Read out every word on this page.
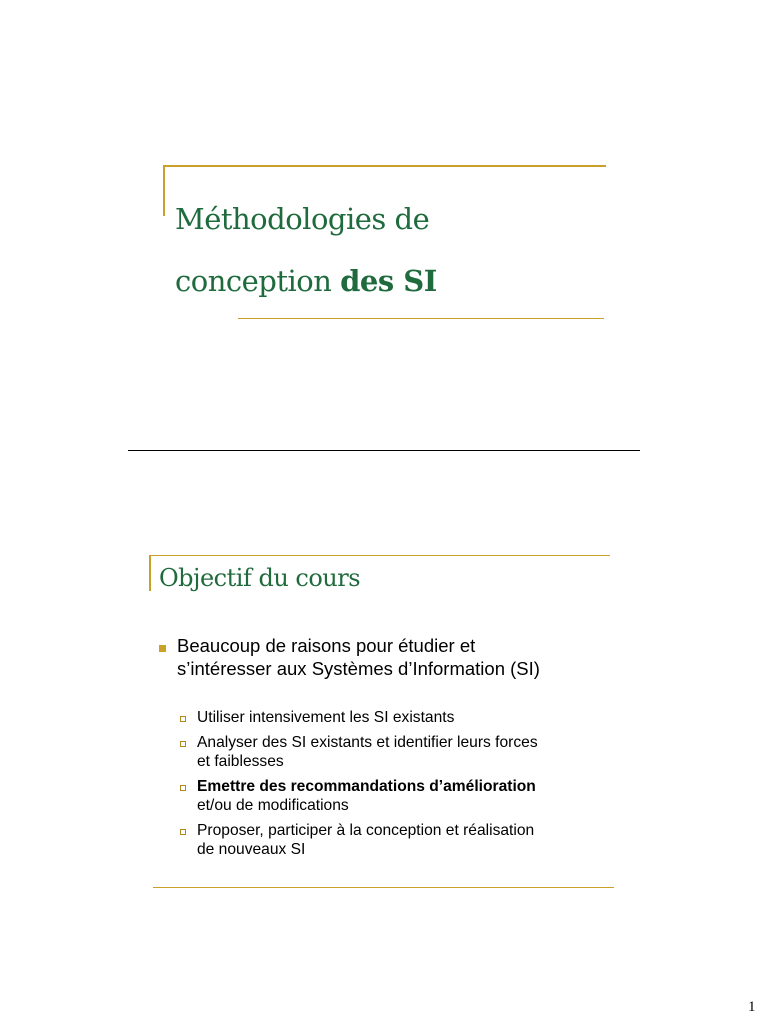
Méthodologies de
conception des SI
Objectif du cours
Beaucoup de raisons pour étudier et
s’intéresser aux Systèmes d’Information (SI)
Utiliser intensivement les SI existants
Analyser des SI existants et identifier leurs forces
et faiblesses
Emettre des recommandations d’amélioration
et/ou de modifications
Proposer, participer à la conception et réalisation
de nouveaux SI
1
